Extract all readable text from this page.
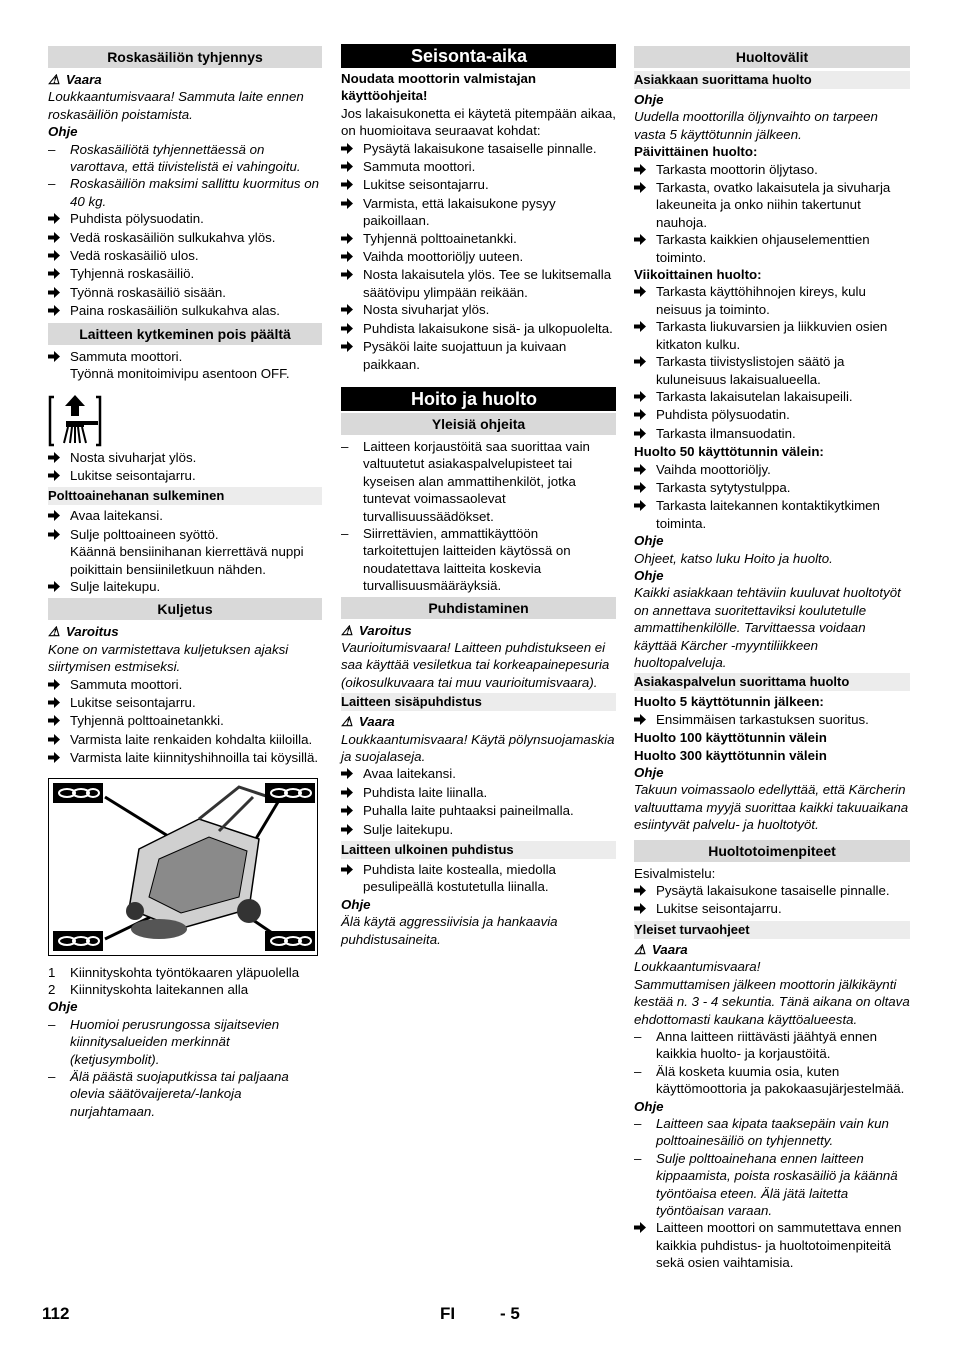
Roskasäiliön tyhjennys
⚠ Vaara
Loukkaantumisvaara! Sammuta laite ennen roskasäiliön poistamista.
Ohje
–	Roskasäiliötä tyhjennettäessä on varottava, että tiivistelistä ei vahingoitu.
–	Roskasäiliön maksimi sallittu kuormitus on 40 kg.
Puhdista pölysuodatin.
Vedä roskasäiliön sulkukahva ylös.
Vedä roskasäiliö ulos.
Tyhjennä roskasäiliö.
Työnnä roskasäiliö sisään.
Paina roskasäiliön sulkukahva alas.
Laitteen kytkeminen pois päältä
Sammuta moottori.
Työnnä monitoimivipu asentoon OFF.
Nosta sivuharjat ylös.
Lukitse seisontajarru.
Polttoainehanan sulkeminen
Avaa laitekansi.
Sulje polttoaineen syöttö.
Käännä bensiinihanan kierrettävä nuppi poikittain bensiiniletkuun nähden.
Sulje laitekupu.
Kuljetus
⚠ Varoitus
Kone on varmistettava kuljetuksen ajaksi siirtymisen estmiseksi.
Sammuta moottori.
Lukitse seisontajarru.
Tyhjennä polttoainetankki.
Varmista laite renkaiden kohdalta kiiloilla.
Varmista laite kiinnityshihnoilla tai köysillä.
1	Kiinnityskohta työntökaaren yläpuolella
2	Kiinnityskohta laitekannen alla
Ohje
–	Huomioi perusrungossa sijaitsevien kiinnitysalueiden merkinnät (ketjusymbolit).
–	Älä päästä suojaputkissa tai paljaana olevia säätövaijereta/-lankoja nurjahtamaan.
Seisonta-aika
Noudata moottorin valmistajan käyttöohjeita!
Jos lakaisukonetta ei käytetä pitempään aikaa, on huomioitava seuraavat kohdat:
Pysäytä lakaisukone tasaiselle pinnalle.
Sammuta moottori.
Lukitse seisontajarru.
Varmista, että lakaisukone pysyy paikoillaan.
Tyhjennä polttoainetankki.
Vaihda moottoriöljy uuteen.
Nosta lakaisutela ylös. Tee se lukitsemalla säätövipu ylimpään reikään.
Nosta sivuharjat ylös.
Puhdista lakaisukone sisä- ja ulkopuolelta.
Pysäköi laite suojattuun ja kuivaan paikkaan.
Hoito ja huolto
Yleisiä ohjeita
–	Laitteen korjaustöitä saa suorittaa vain valtuutetut asiakaspalvelupisteet tai kyseisen alan ammattihenkilöt, jotka tuntevat voimassaolevat turvallisuussäädökset.
–	Siirrettävien, ammattikäyttöön tarkoitettujen laitteiden käytössä on noudatettava laitteita koskevia turvallisuusmääräyksiä.
Puhdistaminen
⚠ Varoitus
Vaurioitumisvaara! Laitteen puhdistukseen ei saa käyttää vesiletkua tai korkeapainepesuria (oikosulkuvaara tai muu vaurioitumisvaara).
Laitteen sisäpuhdistus
⚠ Vaara
Loukkaantumisvaara! Käytä pölynsuojamaskia ja suojalaseja.
Avaa laitekansi.
Puhdista laite liinalla.
Puhalla laite puhtaaksi paineilmalla.
Sulje laitekupu.
Laitteen ulkoinen puhdistus
Puhdista laite kostealla, miedolla pesulipeällä kostutetulla liinalla.
Ohje
Älä käytä aggressiivisia ja hankaavia puhdistusaineita.
Huoltovälit
Asiakkaan suorittama huolto
Ohje
Uudella moottorilla öljynvaihto on tarpeen vasta 5 käyttötunnin jälkeen.
Päivittäinen huolto:
Tarkasta moottorin öljytaso.
Tarkasta, ovatko lakaisutela ja sivuharja lakeuneita ja onko niihin takertunut nauhoja.
Tarkasta kaikkien ohjauselementtien toiminto.
Viikoittainen huolto:
Tarkasta käyttöhihnojen kireys, kulu neisuus ja toiminto.
Tarkasta liukuvarsien ja liikkuvien osien kitkaton kulku.
Tarkasta tiivistyslistojen säätö ja kuluneisuus lakaisualueella.
Tarkasta lakaisutelan lakaisupeili.
Puhdista pölysuodatin.
Tarkasta ilmansuodatin.
Huolto 50 käyttötunnin välein:
Vaihda moottoriöljy.
Tarkasta sytytystulppa.
Tarkasta laitekannen kontaktikytkimen toiminta.
Ohje
Ohjeet, katso luku Hoito ja huolto.
Ohje
Kaikki asiakkaan tehtäviin kuuluvat huoltotyöt on annettava suoritettaviksi koulutetulle ammattihenkilölle. Tarvittaessa voidaan käyttää Kärcher -myyntiliikkeen huoltopalveluja.
Asiakaspalvelun suorittama huolto
Huolto 5 käyttötunnin jälkeen:
Ensimmäisen tarkastuksen suoritus.
Huolto 100 käyttötunnin välein
Huolto 300 käyttötunnin välein
Ohje
Takuun voimassaolo edellyttää, että Kärcherin valtuuttama myyjä suorittaa kaikki takuuaikana esiintyvät palvelu- ja huoltotyöt.
Huoltotoimenpiteet
Esivalmistelu:
Pysäytä lakaisukone tasaiselle pinnalle.
Lukitse seisontajarru.
Yleiset turvaohjeet
⚠ Vaara
Loukkaantumisvaara!
Sammuttamisen jälkeen moottorin jälkikäynti kestää n. 3 - 4 sekuntia. Tänä aikana on oltava ehdottomasti kaukana käyttöalueesta.
–	Anna laitteen riittävästi jäähtyä ennen kaikkia huolto- ja korjaustöitä.
–	Älä kosketa kuumia osia, kuten käyttömoottoria ja pakokaasujärjestelmää.
Ohje
–	Laitteen saa kipata taaksepäin vain kun polttoainesäiliö on tyhjennetty.
–	Sulje polttoainehana ennen laitteen kippaamista, poista roskasäiliö ja käännä työntöaisa eteen. Älä jätä laitetta työntöaisan varaan.
Laitteen moottori on sammutettava ennen kaikkia puhdistus- ja huoltotoimenpiteitä sekä osien vaihtamisia.
112	FI	- 5
